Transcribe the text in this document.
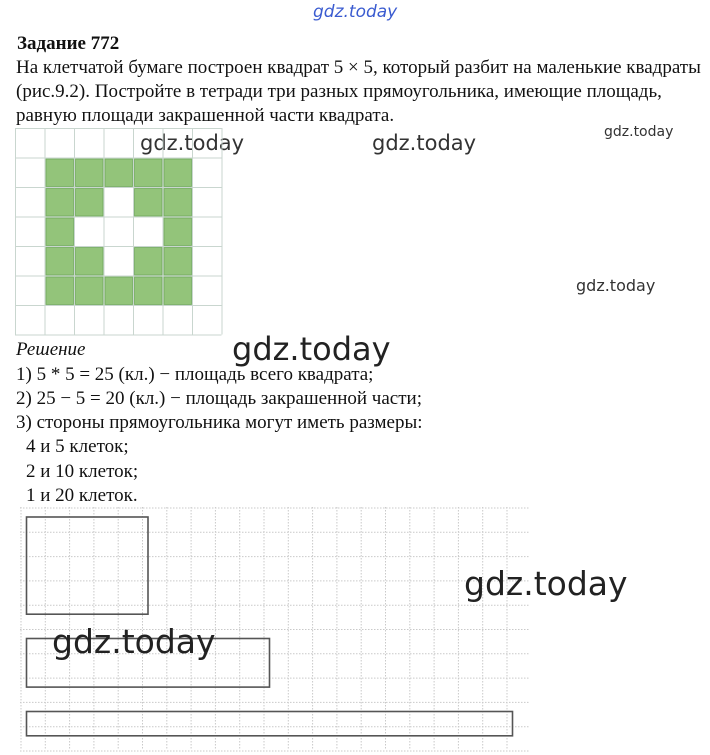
gdz.today
gdz.today	gdz.today	gdz.today
gdz.today
Задание 772

На клетчатой бумаге построен квадрат 5 × 5, который разбит на маленькие квадраты (рис.9.2). Постройте в тетради три разных прямоугольника, имеющие площадь, равную площади закрашенной части квадрата.

Решение
1) 5 * 5 = 25 (кл.) − площадь всего квадрата;
2) 25 − 5 = 20 (кл.) − площадь закрашенной части;
3) стороны прямоугольника могут иметь размеры:
4 и 5 клеток;
2 и 10 клеток;
1 и 20 клеток.
gdz.today
gdz.today
gdz.today
